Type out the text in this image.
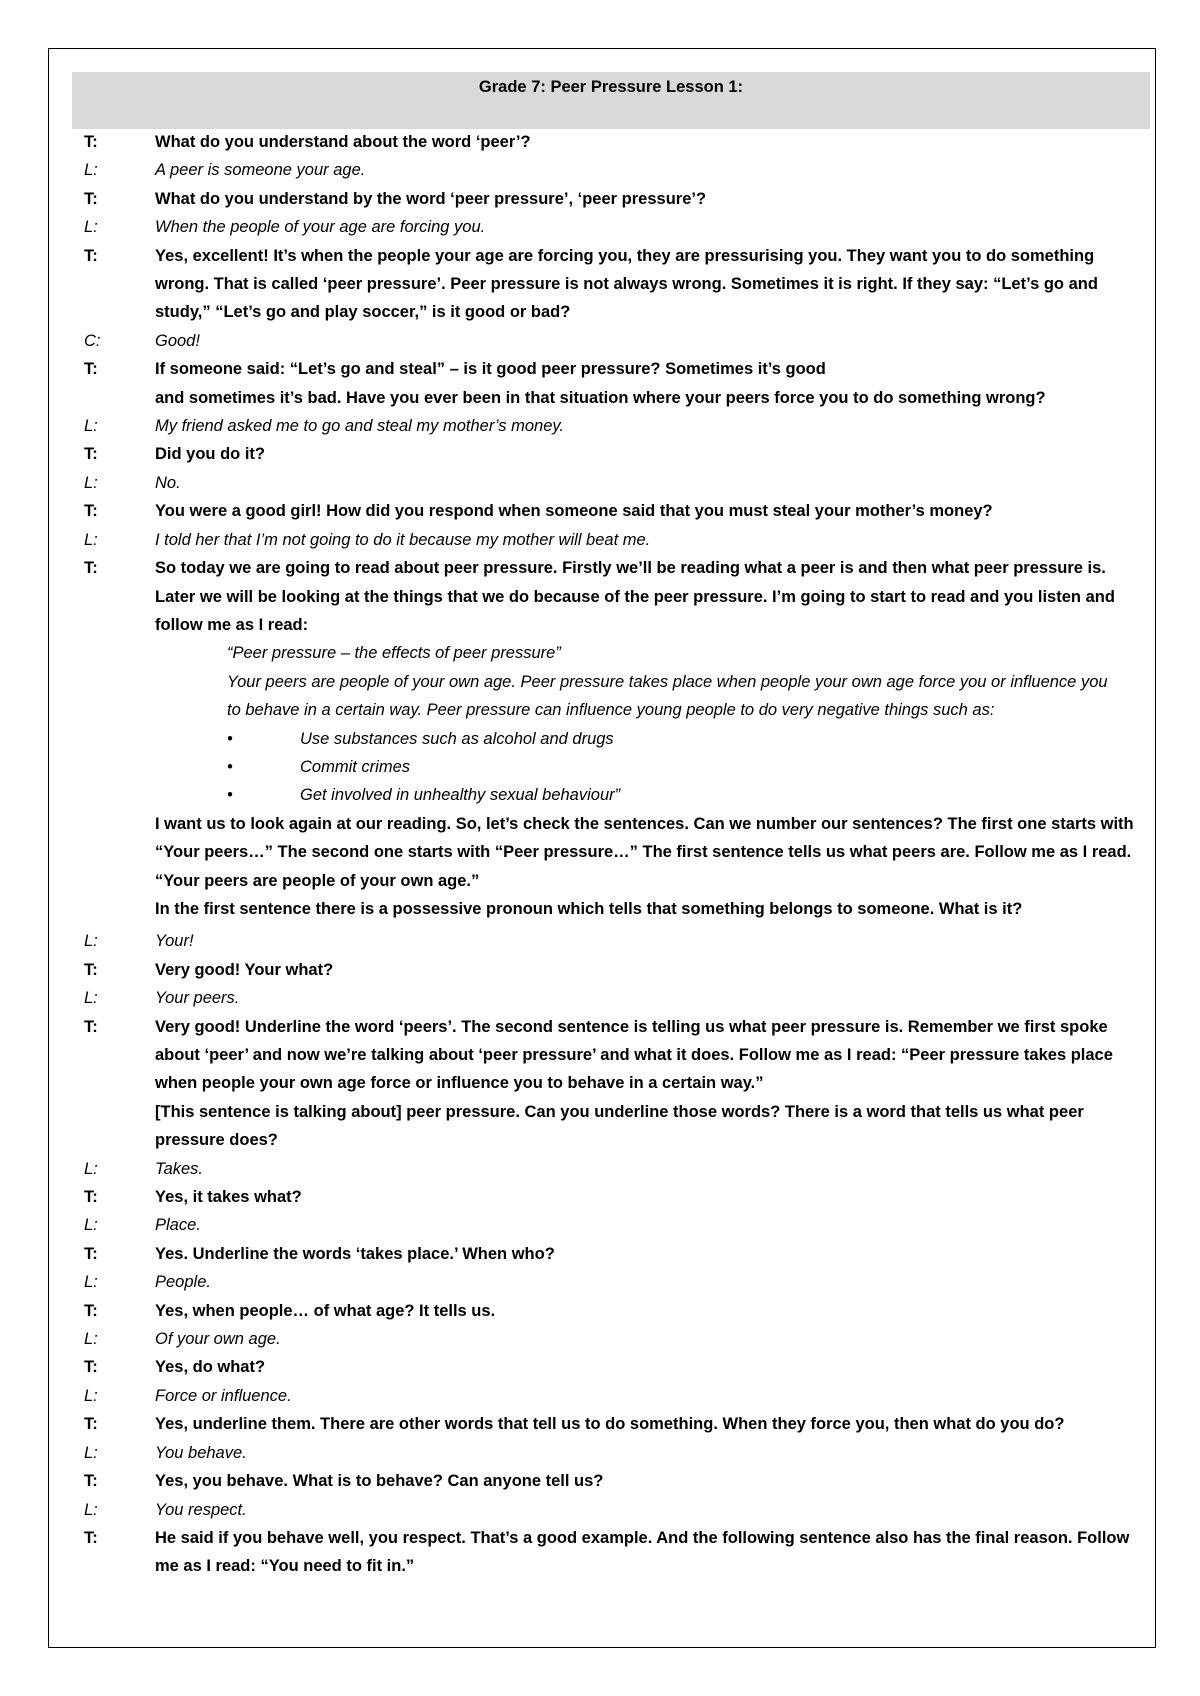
Grade 7: Peer Pressure Lesson 1:
T:	What do you understand about the word ‘peer’?
L:	A peer is someone your age.
T:	What do you understand by the word ‘peer pressure’, ‘peer pressure’?
L:	When the people of your age are forcing you.
T:	Yes, excellent! It’s when the people your age are forcing you, they are pressurising you. They want you to do something wrong. That is called ‘peer pressure’. Peer pressure is not always wrong. Sometimes it is right. If they say: “Let’s go and study,” “Let’s go and play soccer,” is it good or bad?
C:	Good!
T:	If someone said: “Let’s go and steal” – is it good peer pressure? Sometimes it’s good
and sometimes it’s bad. Have you ever been in that situation where your peers force you to do something wrong?
L:	My friend asked me to go and steal my mother’s money.
T:	Did you do it?
L:	No.
T:	You were a good girl! How did you respond when someone said that you must steal your mother’s money?
L:	I told her that I’m not going to do it because my mother will beat me.
T:	So today we are going to read about peer pressure. Firstly we’ll be reading what a peer is and then what peer pressure is. Later we will be looking at the things that we do because of the peer pressure. I’m going to start to read and you listen and follow me as I read:
“Peer pressure – the effects of peer pressure”
Your peers are people of your own age. Peer pressure takes place when people your own age force you or influence you to behave in a certain way. Peer pressure can influence young people to do very negative things such as:
•	Use substances such as alcohol and drugs
•	Commit crimes
•	Get involved in unhealthy sexual behaviour”
I want us to look again at our reading. So, let’s check the sentences. Can we number our sentences? The first one starts with “Your peers…” The second one starts with “Peer pressure…” The first sentence tells us what peers are. Follow me as I read. “Your peers are people of your own age.”
In the first sentence there is a possessive pronoun which tells that something belongs to someone. What is it?
L:	Your!
T:	Very good! Your what?
L:	Your peers.
T:	Very good! Underline the word ‘peers’. The second sentence is telling us what peer pressure is. Remember we first spoke about ‘peer’ and now we’re talking about ‘peer pressure’ and what it does. Follow me as I read: “Peer pressure takes place when people your own age force or influence you to behave in a certain way.”
[This sentence is talking about] peer pressure. Can you underline those words? There is a word that tells us what peer pressure does?
L:	Takes.
T:	Yes, it takes what?
L:	Place.
T:	Yes. Underline the words ‘takes place.’ When who?
L:	People.
T:	Yes, when people… of what age? It tells us.
L:	Of your own age.
T:	Yes, do what?
L:	Force or influence.
T:	Yes, underline them. There are other words that tell us to do something. When they force you, then what do you do?
L:	You behave.
T:	Yes, you behave. What is to behave? Can anyone tell us?
L:	You respect.
T:	He said if you behave well, you respect. That’s a good example. And the following sentence also has the final reason. Follow me as I read: “You need to fit in.”
